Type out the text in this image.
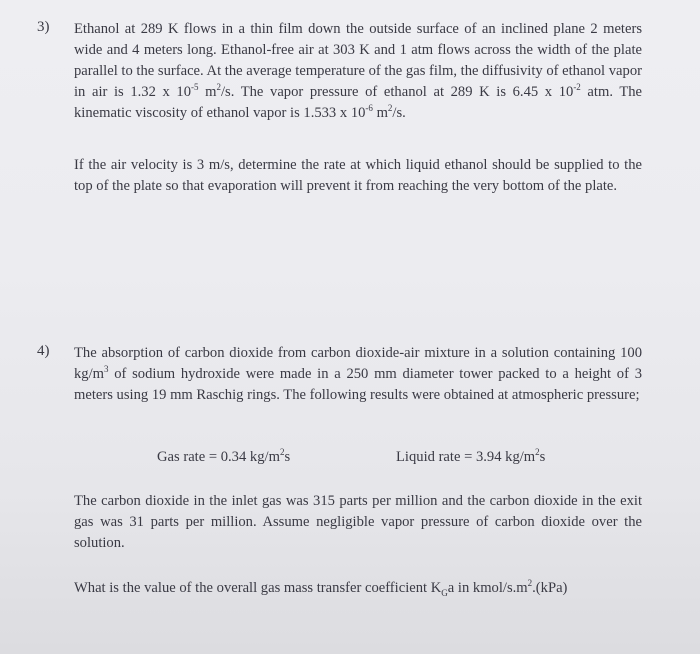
3) Ethanol at 289 K flows in a thin film down the outside surface of an inclined plane 2 meters wide and 4 meters long. Ethanol-free air at 303 K and 1 atm flows across the width of the plate parallel to the surface. At the average temperature of the gas film, the diffusivity of ethanol vapor in air is 1.32 x $10^{-5}$ $m^2/s$. The vapor pressure of ethanol at 289 K is 6.45 x $10^{-2}$ atm. The kinematic viscosity of ethanol vapor is 1.533 x $10^{-6}$ $m^2/s$.
If the air velocity is 3 m/s, determine the rate at which liquid ethanol should be supplied to the top of the plate so that evaporation will prevent it from reaching the very bottom of the plate.
4) The absorption of carbon dioxide from carbon dioxide-air mixture in a solution containing 100 $kg/m^3$ of sodium hydroxide were made in a 250 mm diameter tower packed to a height of 3 meters using 19 mm Raschig rings. The following results were obtained at atmospheric pressure;
Gas rate = 0.34 $kg/m^2s$	Liquid rate = 3.94 $kg/m^2s$
The carbon dioxide in the inlet gas was 315 parts per million and the carbon dioxide in the exit gas was 31 parts per million. Assume negligible vapor pressure of carbon dioxide over the solution.
What is the value of the overall gas mass transfer coefficient $K_Ga$ in kmol/$s.m^2.(kPa)$
